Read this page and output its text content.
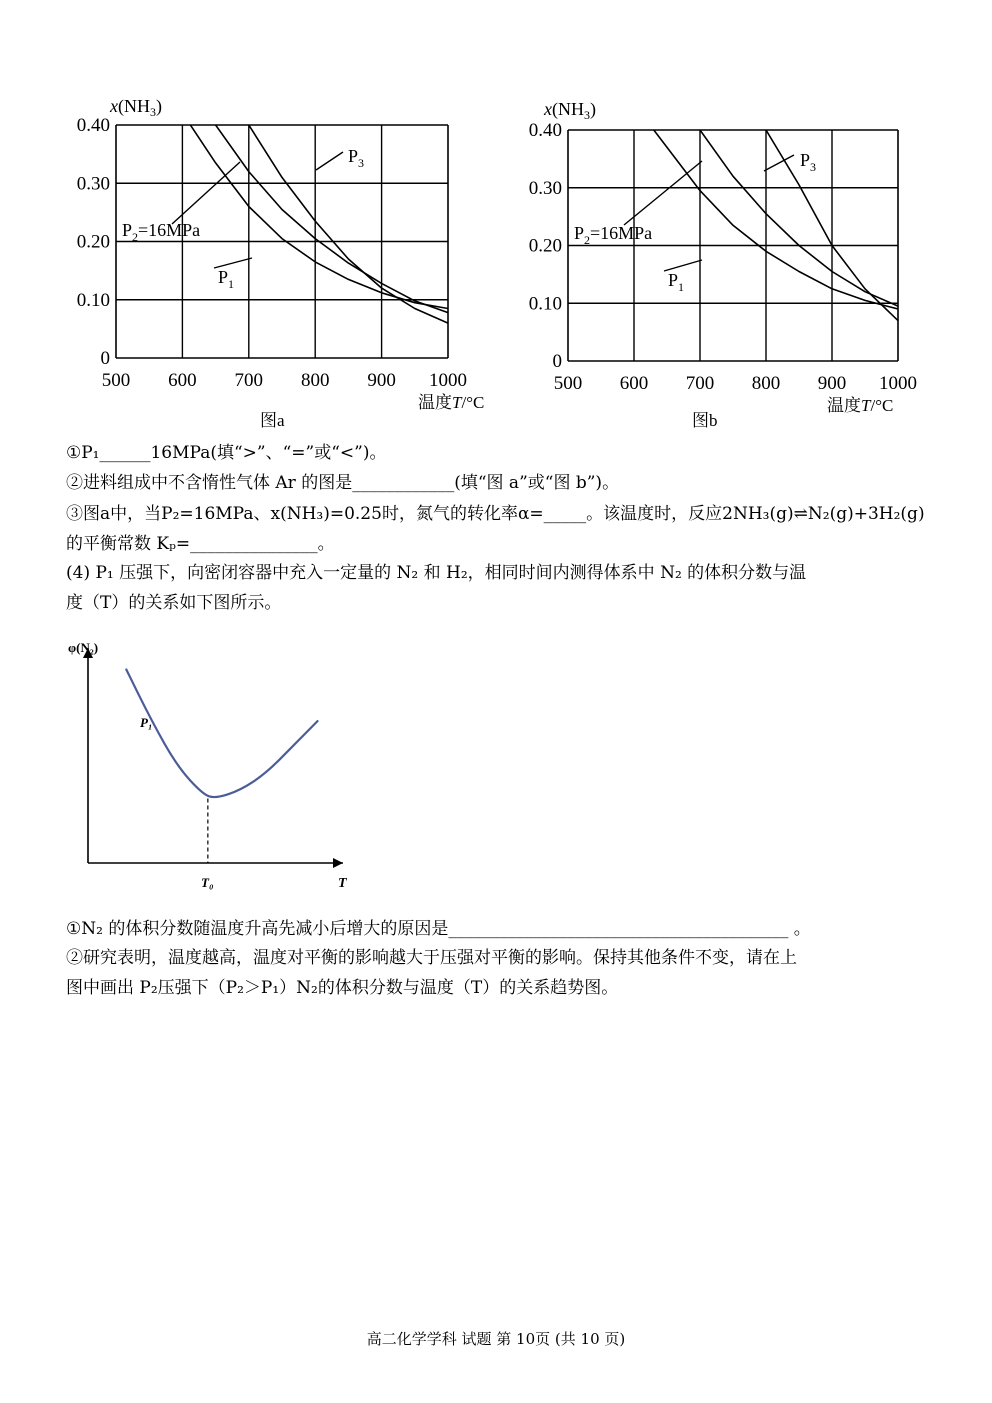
500 600 700 800 900 1000
0
0.10
0.20
0.30
0.40
$x(NH_3)$
温度T/°C
图a
$P_3$
$P_2=16MPa$
$P_1$
500 600 700 800 900 1000
0
0.10
0.20
0.30
0.40
$x(NH_3)$
温度T/°C
图b
$P_3$
$P_2=16MPa$
$P_1$
①P₁______16MPa(填“>”、“=”或“<”)。
②进料组成中不含惰性气体 Ar 的图是____________(填“图 a”或“图 b”)。
③图a中，当P₂=16MPa、x(NH₃)=0.25时，氮气的转化率α=_____。该温度时，反应2NH₃(g)⇌N₂(g)+3H₂(g)
的平衡常数 Kₚ=_______________。
(4) P₁ 压强下，向密闭容器中充入一定量的 N₂ 和 H₂，相同时间内测得体系中 N₂ 的体积分数与温
度（T）的关系如下图所示。
φ(N₂)
T
T₀
P₁
①N₂ 的体积分数随温度升高先减小后增大的原因是________________________________________ 。
②研究表明，温度越高，温度对平衡的影响越大于压强对平衡的影响。保持其他条件不变，请在上
图中画出 P₂压强下（P₂＞P₁）N₂的体积分数与温度（T）的关系趋势图。
高二化学学科 试题 第 10页 (共 10 页)
